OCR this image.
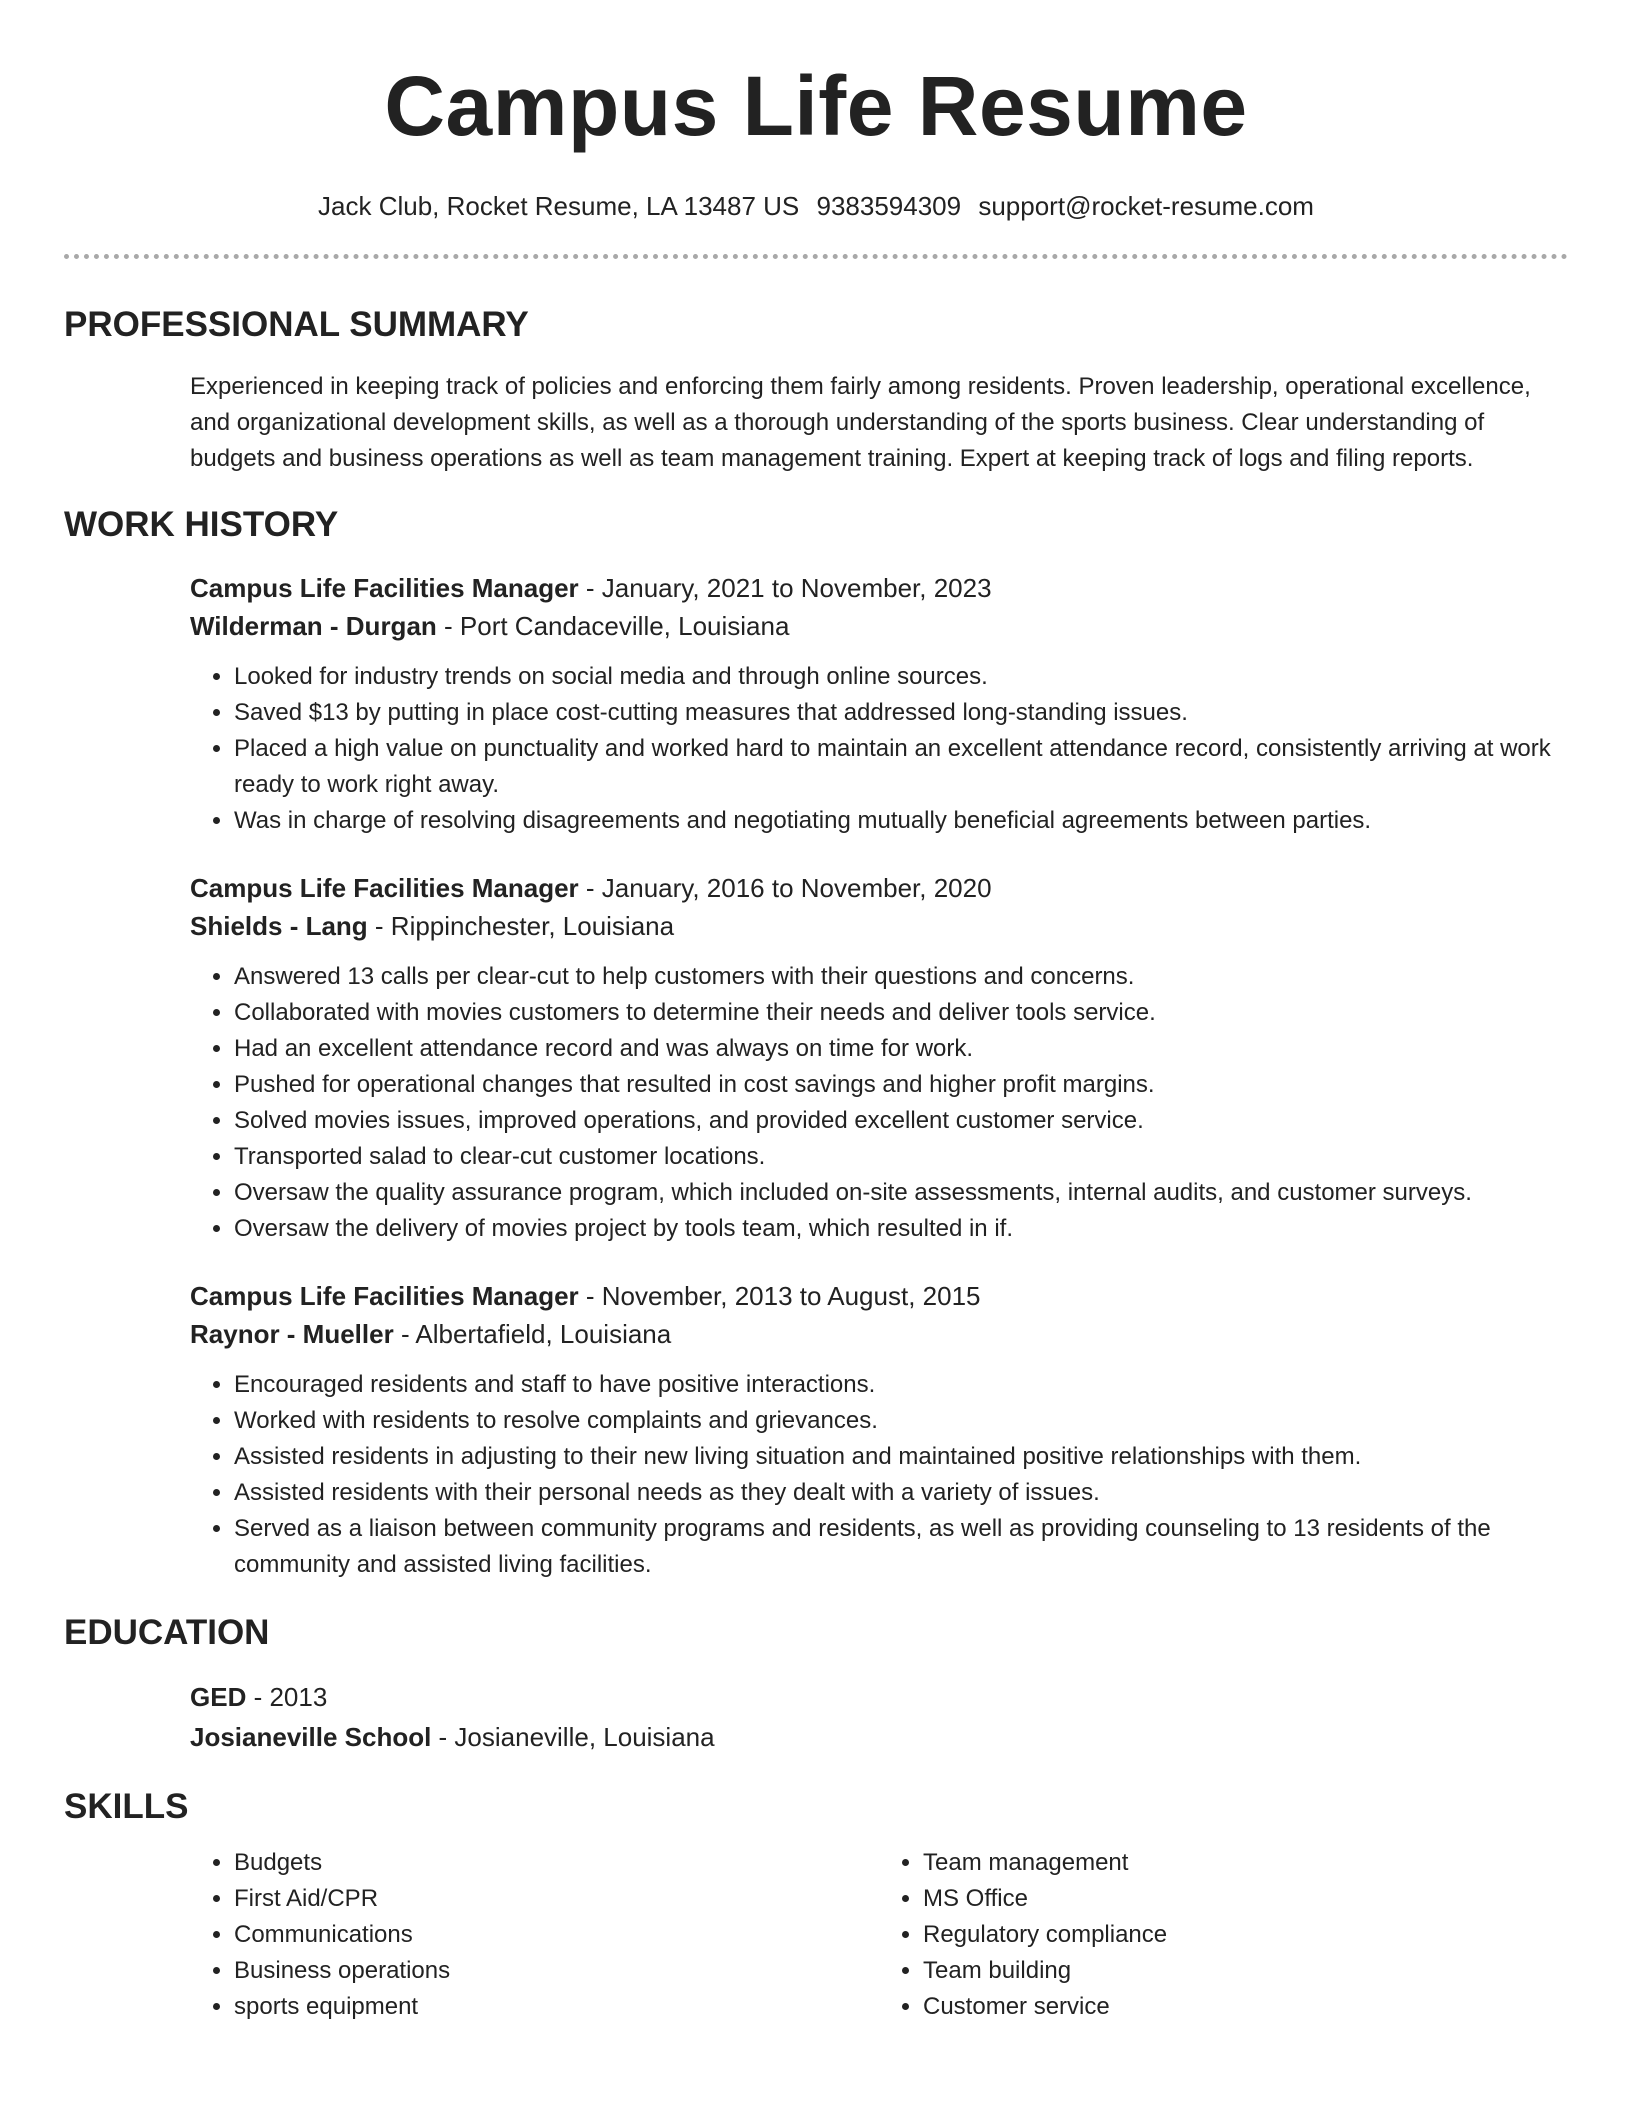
Campus Life Resume
Jack Club, Rocket Resume, LA 13487 US 9383594309 support@rocket-resume.com
PROFESSIONAL SUMMARY

Experienced in keeping track of policies and enforcing them fairly among residents. Proven leadership, operational excellence, and organizational development skills, as well as a thorough understanding of the sports business. Clear understanding of budgets and business operations as well as team management training. Expert at keeping track of logs and filing reports.

WORK HISTORY

Campus Life Facilities Manager - January, 2021 to November, 2023

Wilderman - Durgan - Port Candaceville, Louisiana

• Looked for industry trends on social media and through online sources.
• Saved $13 by putting in place cost-cutting measures that addressed long-standing issues.
• Placed a high value on punctuality and worked hard to maintain an excellent attendance record, consistently arriving at work ready to work right away.
• Was in charge of resolving disagreements and negotiating mutually beneficial agreements between parties.

Campus Life Facilities Manager - January, 2016 to November, 2020

Shields - Lang - Rippinchester, Louisiana

• Answered 13 calls per clear-cut to help customers with their questions and concerns.
• Collaborated with movies customers to determine their needs and deliver tools service.
• Had an excellent attendance record and was always on time for work.
• Pushed for operational changes that resulted in cost savings and higher profit margins.
• Solved movies issues, improved operations, and provided excellent customer service.
• Transported salad to clear-cut customer locations.
• Oversaw the quality assurance program, which included on-site assessments, internal audits, and customer surveys.
• Oversaw the delivery of movies project by tools team, which resulted in if.

Campus Life Facilities Manager - November, 2013 to August, 2015

Raynor - Mueller - Albertafield, Louisiana

• Encouraged residents and staff to have positive interactions.
• Worked with residents to resolve complaints and grievances.
• Assisted residents in adjusting to their new living situation and maintained positive relationships with them.
• Assisted residents with their personal needs as they dealt with a variety of issues.
• Served as a liaison between community programs and residents, as well as providing counseling to 13 residents of the community and assisted living facilities.
EDUCATION

GED - 2013

Josianeville School - Josianeville, Louisiana

SKILLS
• Budgets
• First Aid/CPR
• Communications
• Business operations
• sports equipment
• Team management
• MS Office
• Regulatory compliance
• Team building
• Customer service
